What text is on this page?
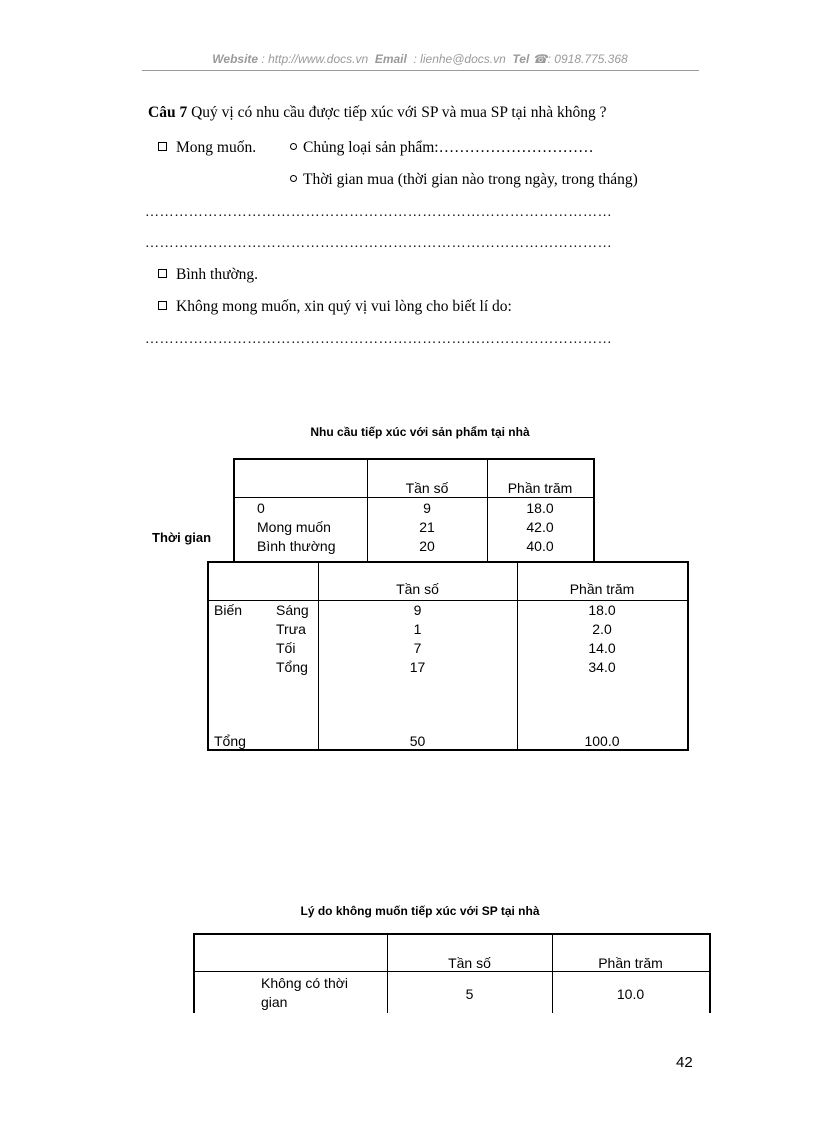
Website : http://www.docs.vn Email : lienhe@docs.vn Tel ☎: 0918.775.368
Câu 7 Quý vị có nhu cầu được tiếp xúc với SP và mua SP tại nhà không ?
Mong muốn.	Chủng loại sản phẩm:…………………………
Thời gian mua (thời gian nào trong ngày, trong tháng)
……………………………………………………………………………………
……………………………………………………………………………………
Bình thường.
Không mong muốn, xin quý vị vui lòng cho biết lí do:
……………………………………………………………………………………
Nhu cầu tiếp xúc với sản phẩm tại nhà
Thời gian
Tần số	Phần trăm
0	9	18.0
Mong muốn	21	42.0
Bình thường	20	40.0
Tần số	Phần trăm
Biến Sáng	9	18.0
Trưa	1	2.0
Tối	7	14.0
Tổng	17	34.0
Tổng	50	100.0
Lý do không muốn tiếp xúc với SP tại nhà
Tần số	Phần trăm
Không có thời
gian	5	10.0
42
